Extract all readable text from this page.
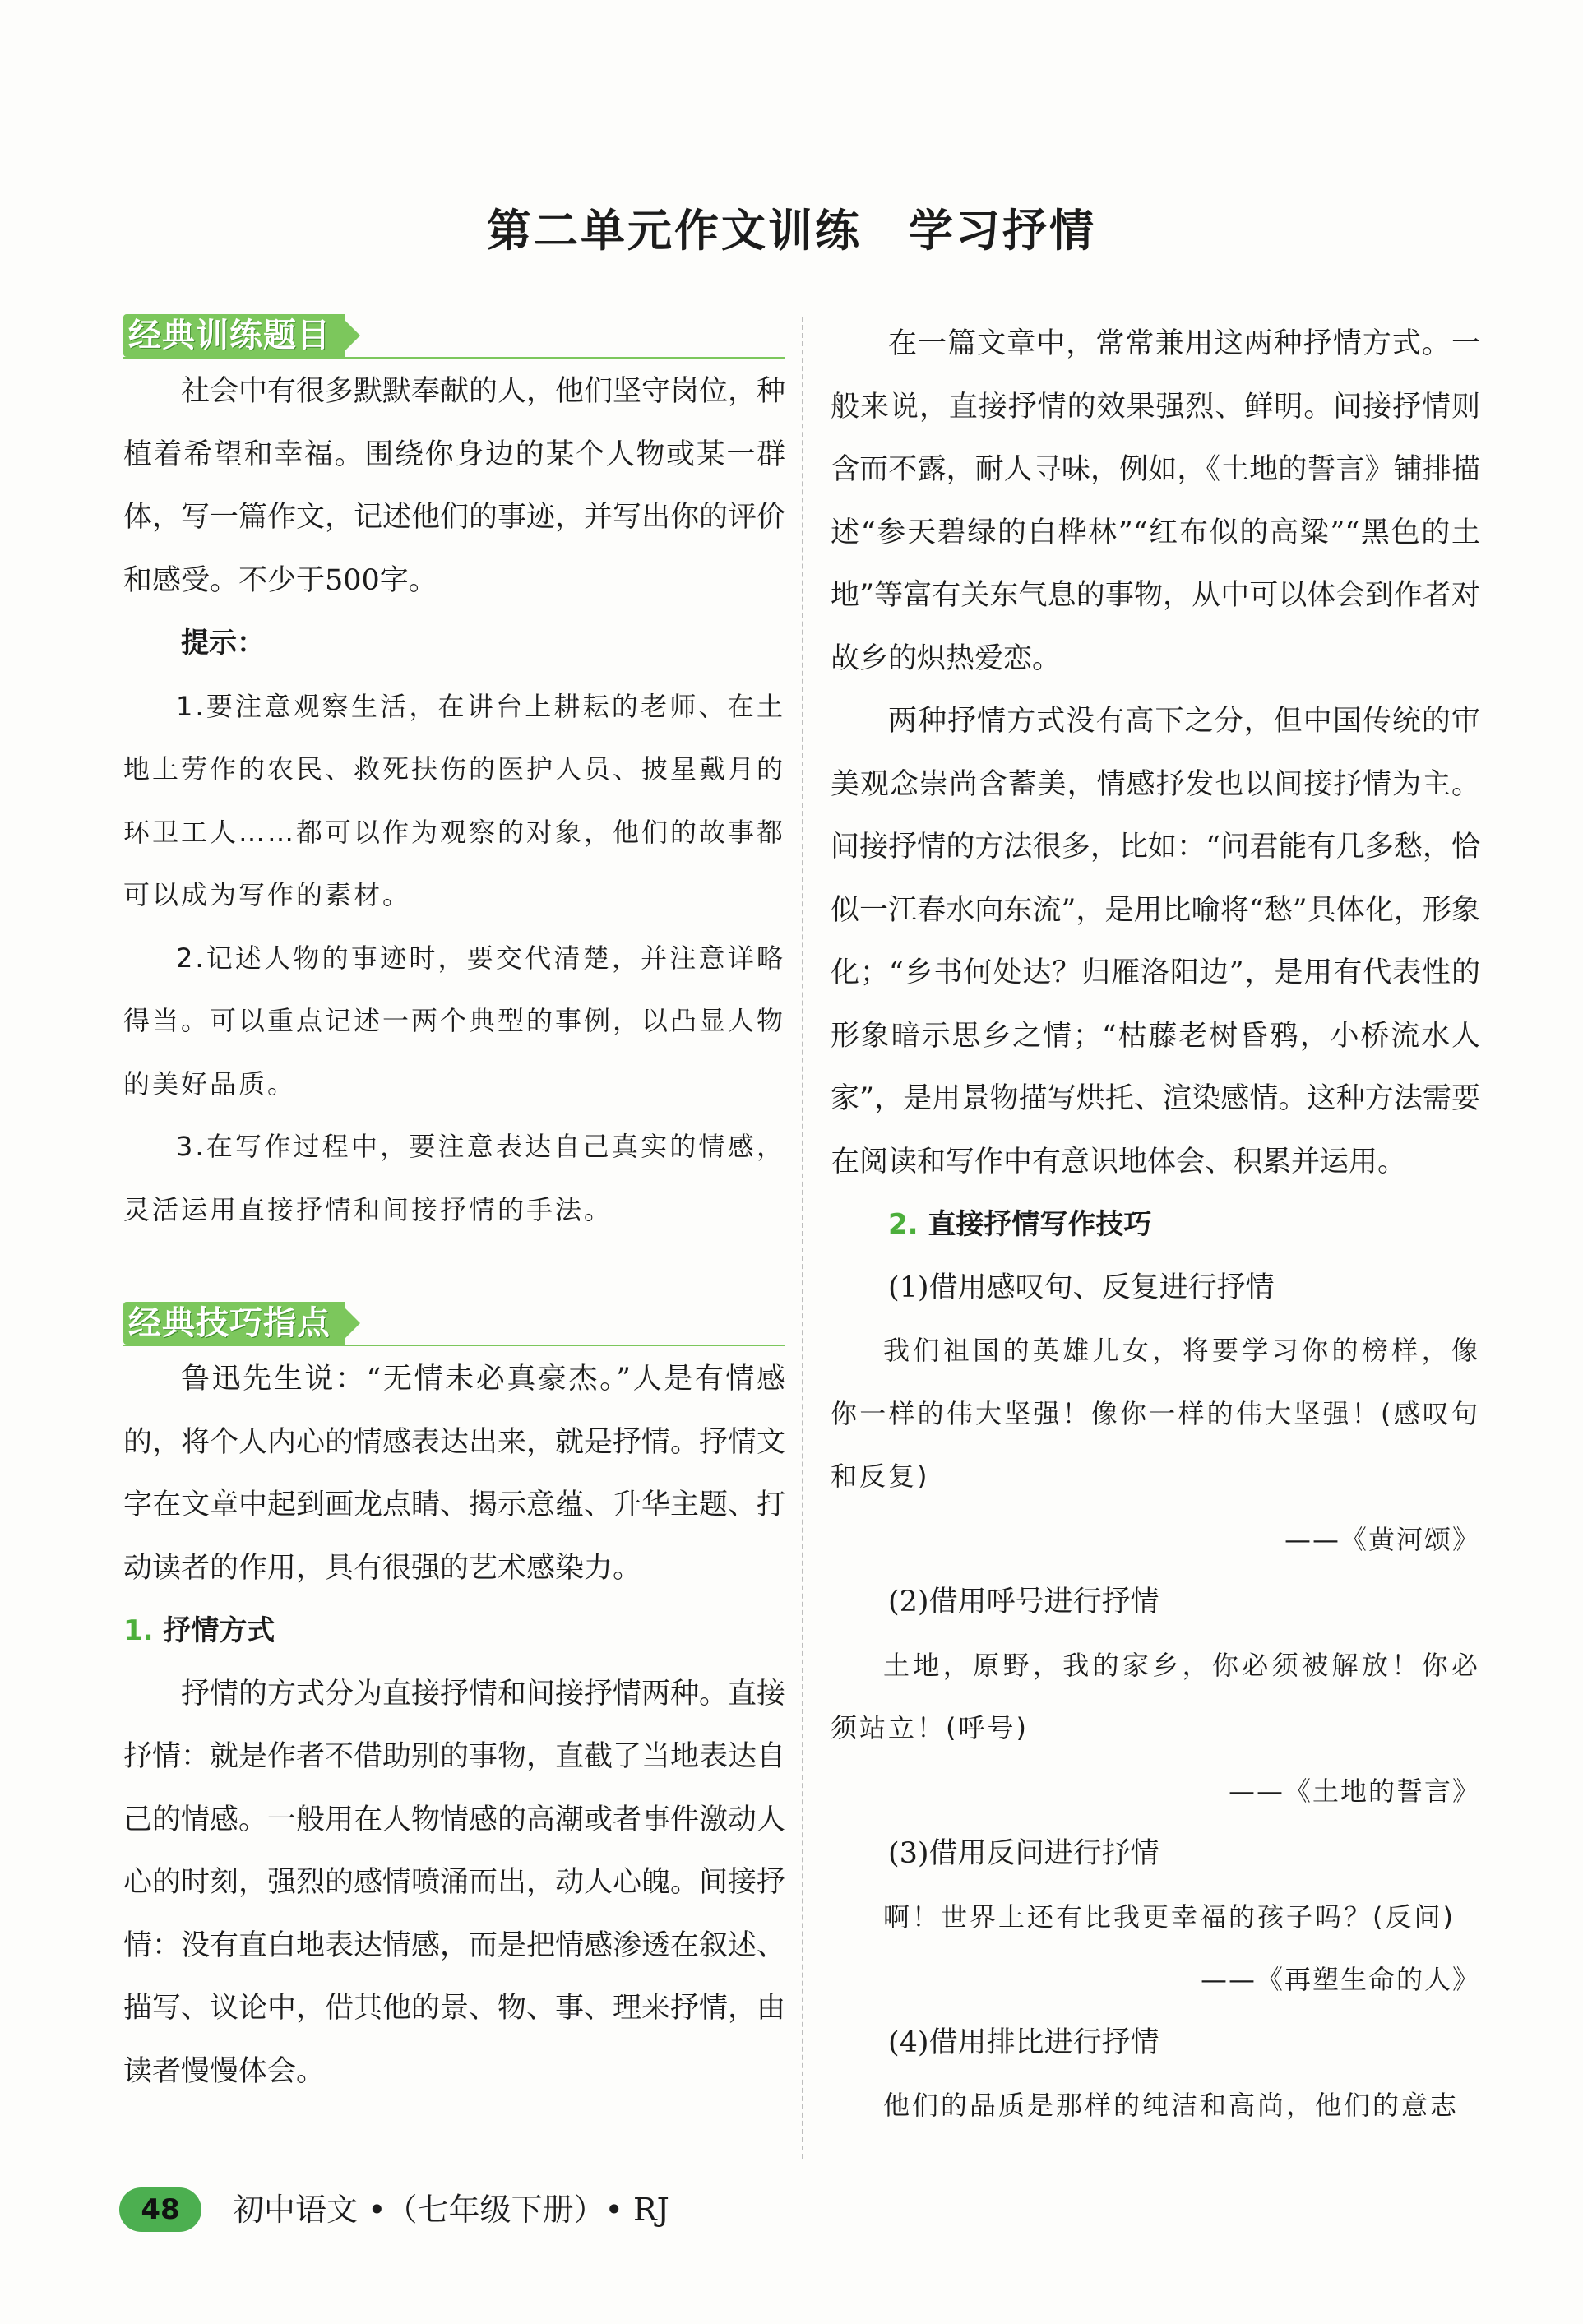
第二单元作文训练　学习抒情
经典训练题目

社会中有很多默默奉献的人，他们坚守岗位，种植着希望和幸福。围绕你身边的某个人物或某一群体，写一篇作文，记述他们的事迹，并写出你的评价和感受。不少于500字。

提示：

1.要注意观察生活，在讲台上耕耘的老师、在土地上劳作的农民、救死扶伤的医护人员、披星戴月的环卫工人……都可以作为观察的对象，他们的故事都可以成为写作的素材。

2.记述人物的事迹时，要交代清楚，并注意详略得当。可以重点记述一两个典型的事例，以凸显人物的美好品质。

3.在写作过程中，要注意表达自己真实的情感，灵活运用直接抒情和间接抒情的手法。

经典技巧指点

鲁迅先生说：“无情未必真豪杰。”人是有情感的，将个人内心的情感表达出来，就是抒情。抒情文字在文章中起到画龙点睛、揭示意蕴、升华主题、打动读者的作用，具有很强的艺术感染力。

1. 抒情方式

抒情的方式分为直接抒情和间接抒情两种。直接抒情：就是作者不借助别的事物，直截了当地表达自己的情感。一般用在人物情感的高潮或者事件激动人心的时刻，强烈的感情喷涌而出，动人心魄。间接抒情：没有直白地表达情感，而是把情感渗透在叙述、描写、议论中，借其他的景、物、事、理来抒情，由读者慢慢体会。

在一篇文章中，常常兼用这两种抒情方式。一般来说，直接抒情的效果强烈、鲜明。间接抒情则含而不露，耐人寻味，例如，《土地的誓言》铺排描述“参天碧绿的白桦林”“红布似的高粱”“黑色的土地”等富有关东气息的事物，从中可以体会到作者对故乡的炽热爱恋。

两种抒情方式没有高下之分，但中国传统的审美观念崇尚含蓄美，情感抒发也以间接抒情为主。间接抒情的方法很多，比如：“问君能有几多愁，恰似一江春水向东流”，是用比喻将“愁”具体化，形象化；“乡书何处达？归雁洛阳边”，是用有代表性的形象暗示思乡之情；“枯藤老树昏鸦，小桥流水人家”，是用景物描写烘托、渲染感情。这种方法需要在阅读和写作中有意识地体会、积累并运用。

2. 直接抒情写作技巧

(1)借用感叹句、反复进行抒情

我们祖国的英雄儿女，将要学习你的榜样，像你一样的伟大坚强！像你一样的伟大坚强！(感叹句和反复)

——《黄河颂》

(2)借用呼号进行抒情

土地，原野，我的家乡，你必须被解放！你必须站立！(呼号)

——《土地的誓言》

(3)借用反问进行抒情

啊！世界上还有比我更幸福的孩子吗？(反问)

——《再塑生命的人》

(4)借用排比进行抒情

他们的品质是那样的纯洁和高尚，他们的意志

48	初中语文 •（七年级下册）• RJ
